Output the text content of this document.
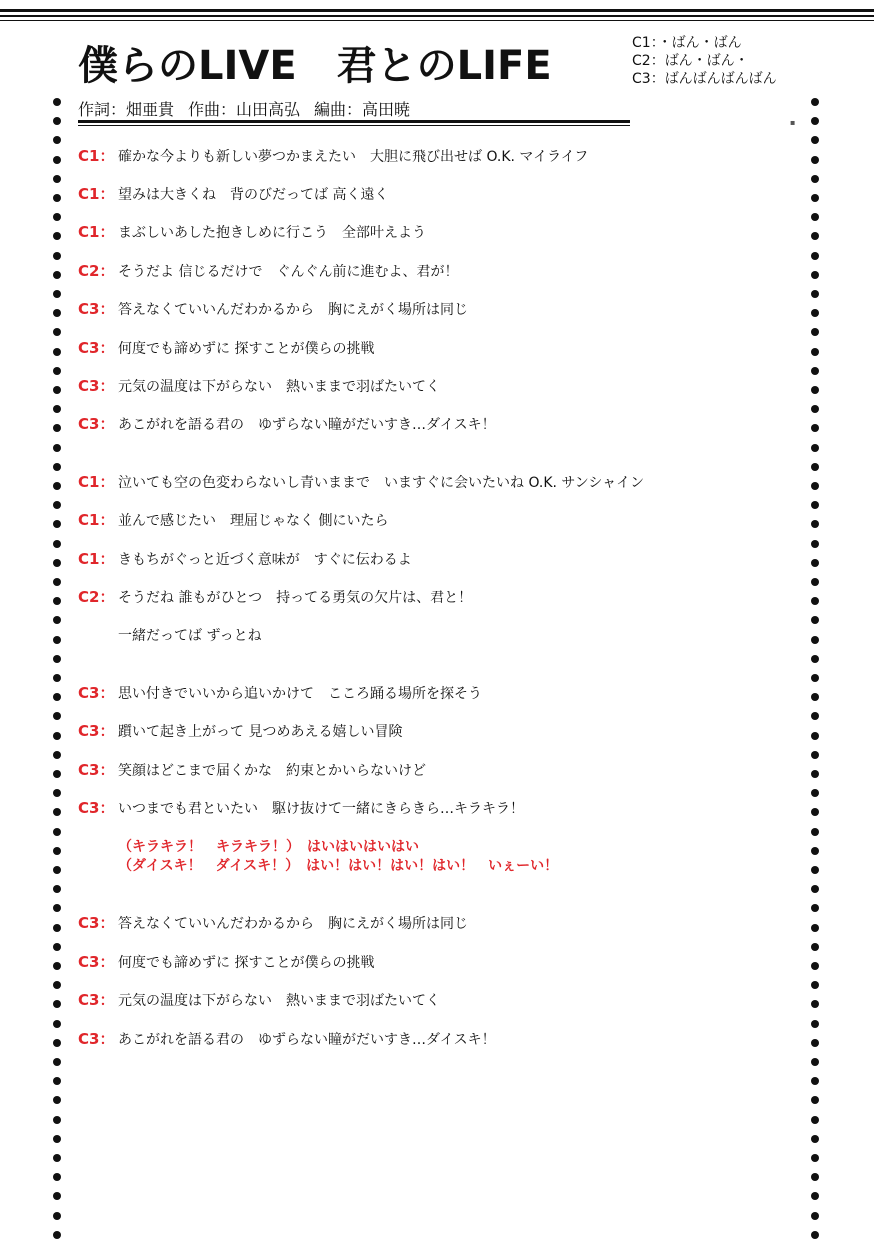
僕らのLIVE　君とのLIFE	C1：・ばん・ばん
C2：ばん・ばん・
C3：ばんばんばんばん
作詞：畑亜貴 作曲：山田高弘 編曲：高田暁
▪
C1： 確かな今よりも新しい夢つかまえたい　大胆に飛び出せば O.K. マイライフ
C1： 望みは大きくね　背のびだってば 高く遠く
C1： まぶしいあした抱きしめに行こう　全部叶えよう
C2： そうだよ 信じるだけで　ぐんぐん前に進むよ、君が！
C3： 答えなくていいんだわかるから　胸にえがく場所は同じ
C3： 何度でも諦めずに 探すことが僕らの挑戦
C3： 元気の温度は下がらない　熱いままで羽ばたいてく
C3： あこがれを語る君の　ゆずらない瞳がだいすき…ダイスキ！
C1： 泣いても空の色変わらないし青いままで　いますぐに会いたいね O.K. サンシャイン
C1： 並んで感じたい　理屈じゃなく 側にいたら
C1： きもちがぐっと近づく意味が　すぐに伝わるよ
C2： そうだね 誰もがひとつ　持ってる勇気の欠片は、君と！
一緒だってば ずっとね
C3： 思い付きでいいから追いかけて　こころ踊る場所を探そう
C3： 躓いて起き上がって 見つめあえる嬉しい冒険
C3： 笑顔はどこまで届くかな　約束とかいらないけど
C3： いつまでも君といたい　駆け抜けて一緒にきらきら…キラキラ！
（キラキラ！　キラキラ！）　はいはいはいはい
（ダイスキ！　ダイスキ！）　はい！はい！はい！はい！　いぇーい！
C3： 答えなくていいんだわかるから　胸にえがく場所は同じ
C3： 何度でも諦めずに 探すことが僕らの挑戦
C3： 元気の温度は下がらない　熱いままで羽ばたいてく
C3： あこがれを語る君の　ゆずらない瞳がだいすき…ダイスキ！
